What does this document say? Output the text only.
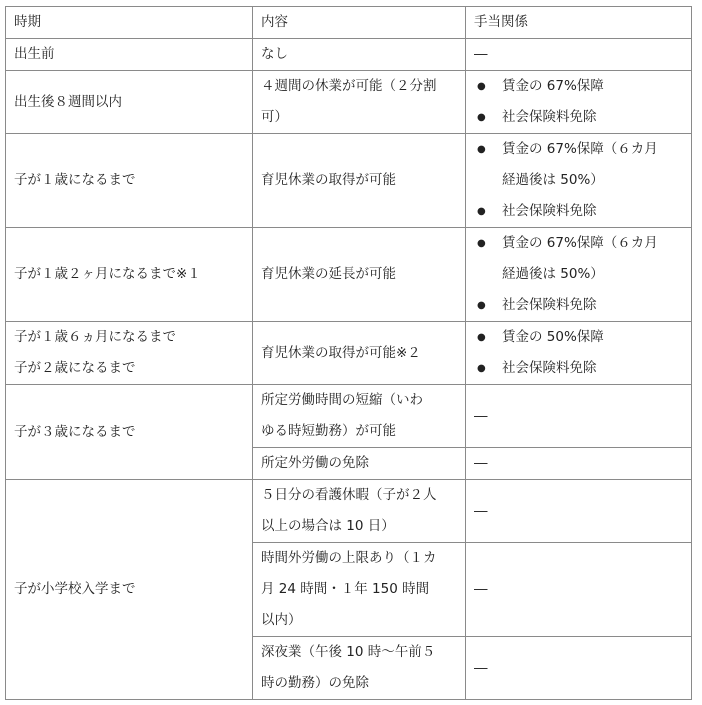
時期	内容	手当関係

出生前	なし	―

出生後８週間以内	４週間の休業が可能（２分割
可）	● 賃金の 67%保障
● 社会保険料免除

子が１歳になるまで	育児休業の取得が可能	● 賃金の 67%保障（６カ月
経過後は 50%）
● 社会保険料免除

子が１歳２ヶ月になるまで※１	育児休業の延長が可能	● 賃金の 67%保障（６カ月
経過後は 50%）
● 社会保険料免除

子が１歳６ヵ月になるまで
子が２歳になるまで	育児休業の取得が可能※２	● 賃金の 50%保障
● 社会保険料免除

子が３歳になるまで	所定労働時間の短縮（いわ
ゆる時短勤務）が可能	―

	所定外労働の免除	―

子が小学校入学まで	５日分の看護休暇（子が２人
以上の場合は 10 日）	―

	時間外労働の上限あり（１カ
月 24 時間・１年 150 時間
以内）	―

	深夜業（午後 10 時～午前５
時の勤務）の免除	―
